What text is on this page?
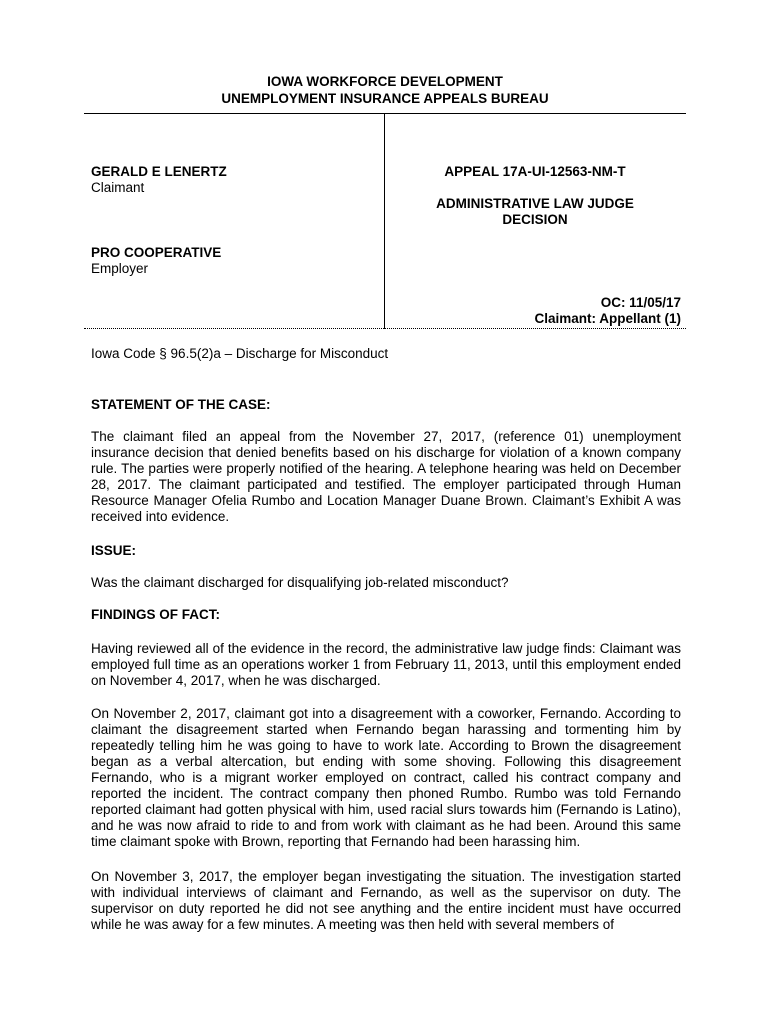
IOWA WORKFORCE DEVELOPMENT
UNEMPLOYMENT INSURANCE APPEALS BUREAU
GERALD E LENERTZ
Claimant
PRO COOPERATIVE
Employer
APPEAL 17A-UI-12563-NM-T
ADMINISTRATIVE LAW JUDGE
DECISION
OC: 11/05/17
Claimant: Appellant (1)
Iowa Code § 96.5(2)a – Discharge for Misconduct
STATEMENT OF THE CASE:

The claimant filed an appeal from the November 27, 2017, (reference 01) unemployment insurance decision that denied benefits based on his discharge for violation of a known company rule. The parties were properly notified of the hearing. A telephone hearing was held on December 28, 2017. The claimant participated and testified. The employer participated through Human Resource Manager Ofelia Rumbo and Location Manager Duane Brown. Claimant’s Exhibit A was received into evidence.

ISSUE:

Was the claimant discharged for disqualifying job-related misconduct?

FINDINGS OF FACT:

Having reviewed all of the evidence in the record, the administrative law judge finds: Claimant was employed full time as an operations worker 1 from February 11, 2013, until this employment ended on November 4, 2017, when he was discharged.

On November 2, 2017, claimant got into a disagreement with a coworker, Fernando. According to claimant the disagreement started when Fernando began harassing and tormenting him by repeatedly telling him he was going to have to work late. According to Brown the disagreement began as a verbal altercation, but ending with some shoving. Following this disagreement Fernando, who is a migrant worker employed on contract, called his contract company and reported the incident. The contract company then phoned Rumbo. Rumbo was told Fernando reported claimant had gotten physical with him, used racial slurs towards him (Fernando is Latino), and he was now afraid to ride to and from work with claimant as he had been. Around this same time claimant spoke with Brown, reporting that Fernando had been harassing him.

On November 3, 2017, the employer began investigating the situation. The investigation started with individual interviews of claimant and Fernando, as well as the supervisor on duty. The supervisor on duty reported he did not see anything and the entire incident must have occurred while he was away for a few minutes. A meeting was then held with several members of
